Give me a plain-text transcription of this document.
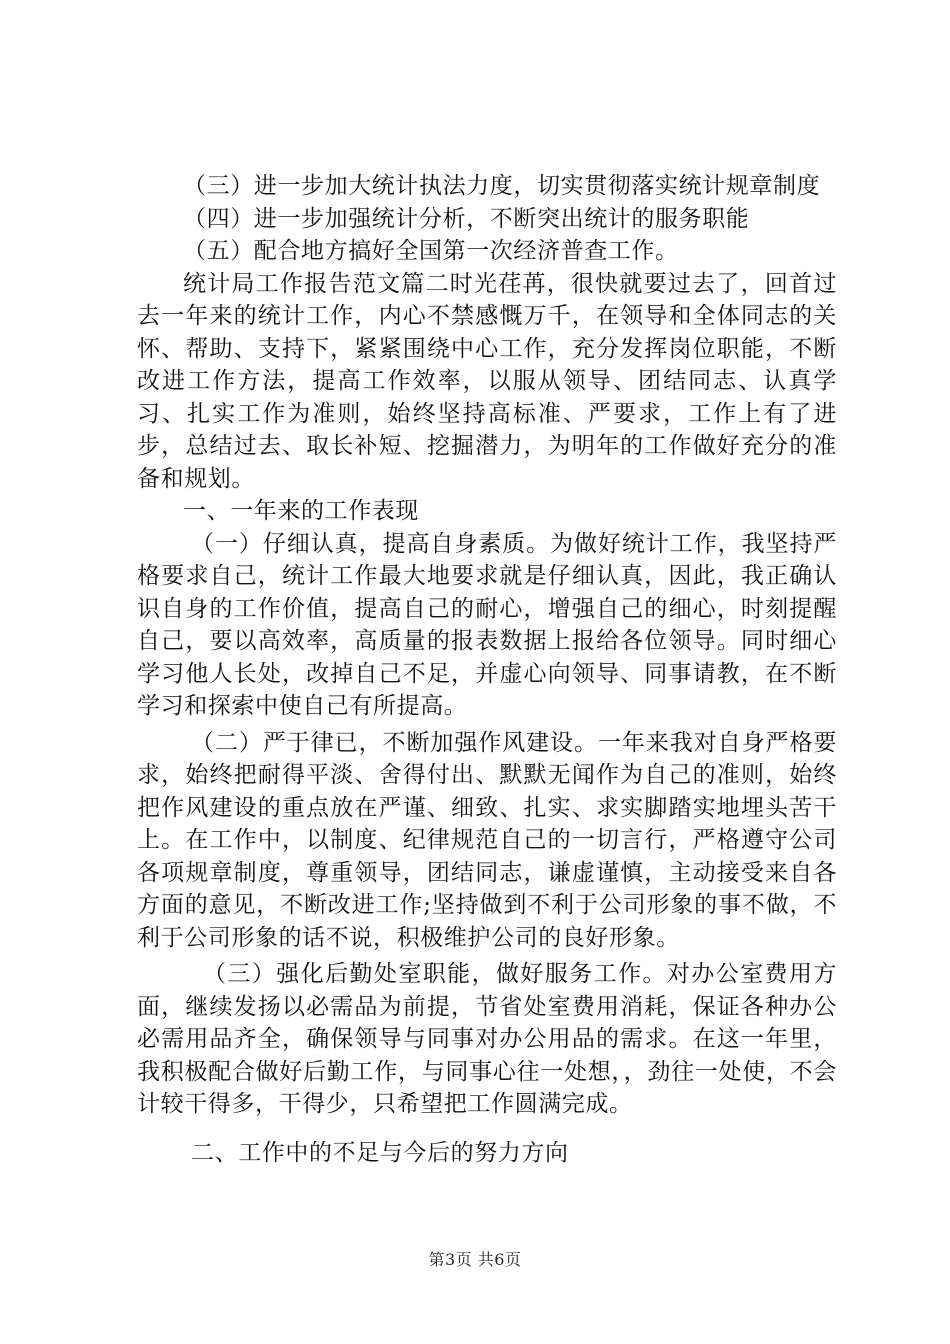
（三）进一步加大统计执法力度，切实贯彻落实统计规章制度

（四）进一步加强统计分析，不断突出统计的服务职能

（五）配合地方搞好全国第一次经济普查工作。

统计局工作报告范文篇二时光荏苒，很快就要过去了，回首过去一年来的统计工作，内心不禁感慨万千，在领导和全体同志的关怀、帮助、支持下，紧紧围绕中心工作，充分发挥岗位职能，不断改进工作方法，提高工作效率，以服从领导、团结同志、认真学习、扎实工作为准则，始终坚持高标准、严要求，工作上有了进步，总结过去、取长补短、挖掘潜力，为明年的工作做好充分的准备和规划。

一、一年来的工作表现

（一）仔细认真，提高自身素质。为做好统计工作，我坚持严格要求自己，统计工作最大地要求就是仔细认真，因此，我正确认识自身的工作价值，提高自己的耐心，增强自己的细心，时刻提醒自己，要以高效率，高质量的报表数据上报给各位领导。同时细心学习他人长处，改掉自己不足，并虚心向领导、同事请教，在不断学习和探索中使自己有所提高。

（二）严于律已，不断加强作风建设。一年来我对自身严格要求，始终把耐得平淡、舍得付出、默默无闻作为自己的准则，始终把作风建设的重点放在严谨、细致、扎实、求实脚踏实地埋头苦干上。在工作中，以制度、纪律规范自己的一切言行，严格遵守公司各项规章制度，尊重领导，团结同志，谦虚谨慎，主动接受来自各方面的意见，不断改进工作;坚持做到不利于公司形象的事不做，不利于公司形象的话不说，积极维护公司的良好形象。

（三）强化后勤处室职能，做好服务工作。对办公室费用方面，继续发扬以必需品为前提，节省处室费用消耗，保证各种办公必需用品齐全，确保领导与同事对办公用品的需求。在这一年里，我积极配合做好后勤工作，与同事心往一处想，，劲往一处使，不会计较干得多，干得少，只希望把工作圆满完成。

二、工作中的不足与今后的努力方向

第3页 共6页
